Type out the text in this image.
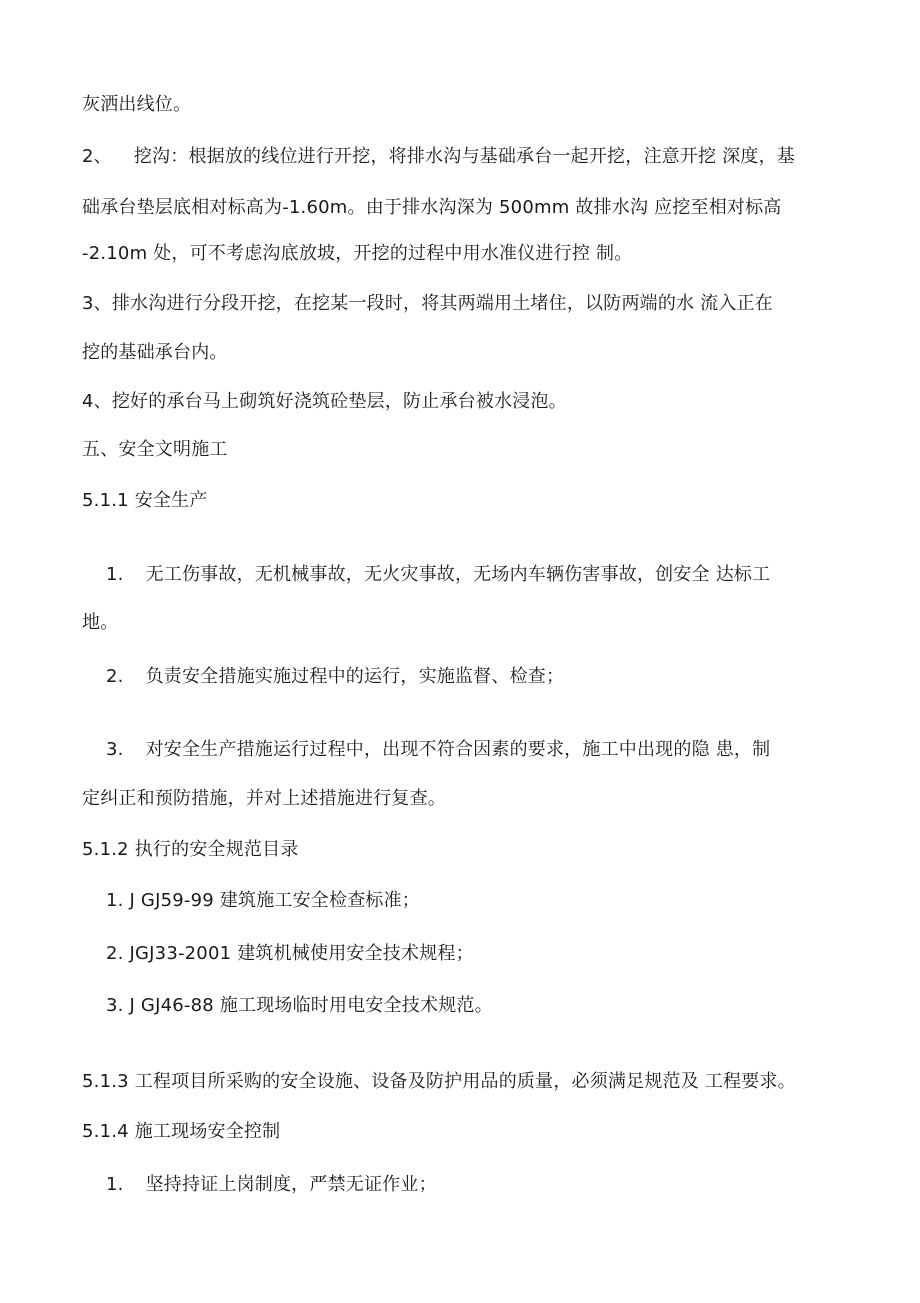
灰洒出线位。
2、 挖沟：根据放的线位进行开挖，将排水沟与基础承台一起开挖，注意开挖 深度，基
础承台垫层底相对标高为-1.60m。由于排水沟深为 500mm 故排水沟 应挖至相对标高
-2.10m 处，可不考虑沟底放坡，开挖的过程中用水准仪进行控 制。
3、排水沟进行分段开挖，在挖某一段时，将其两端用土堵住，以防两端的水 流入正在
挖的基础承台内。
4、挖好的承台马上砌筑好浇筑砼垫层，防止承台被水浸泡。
五、安全文明施工
5.1.1 安全生产
1. 无工伤事故，无机械事故，无火灾事故，无场内车辆伤害事故，创安全 达标工
地。
2. 负责安全措施实施过程中的运行，实施监督、检查；
3. 对安全生产措施运行过程中，出现不符合因素的要求，施工中出现的隐 患，制
定纠正和预防措施，并对上述措施进行复查。
5.1.2 执行的安全规范目录
1. J GJ59-99 建筑施工安全检查标准；
2. JGJ33-2001 建筑机械使用安全技术规程；
3. J GJ46-88 施工现场临时用电安全技术规范。
5.1.3 工程项目所采购的安全设施、设备及防护用品的质量，必须满足规范及 工程要求。
5.1.4 施工现场安全控制
1. 坚持持证上岗制度，严禁无证作业；
